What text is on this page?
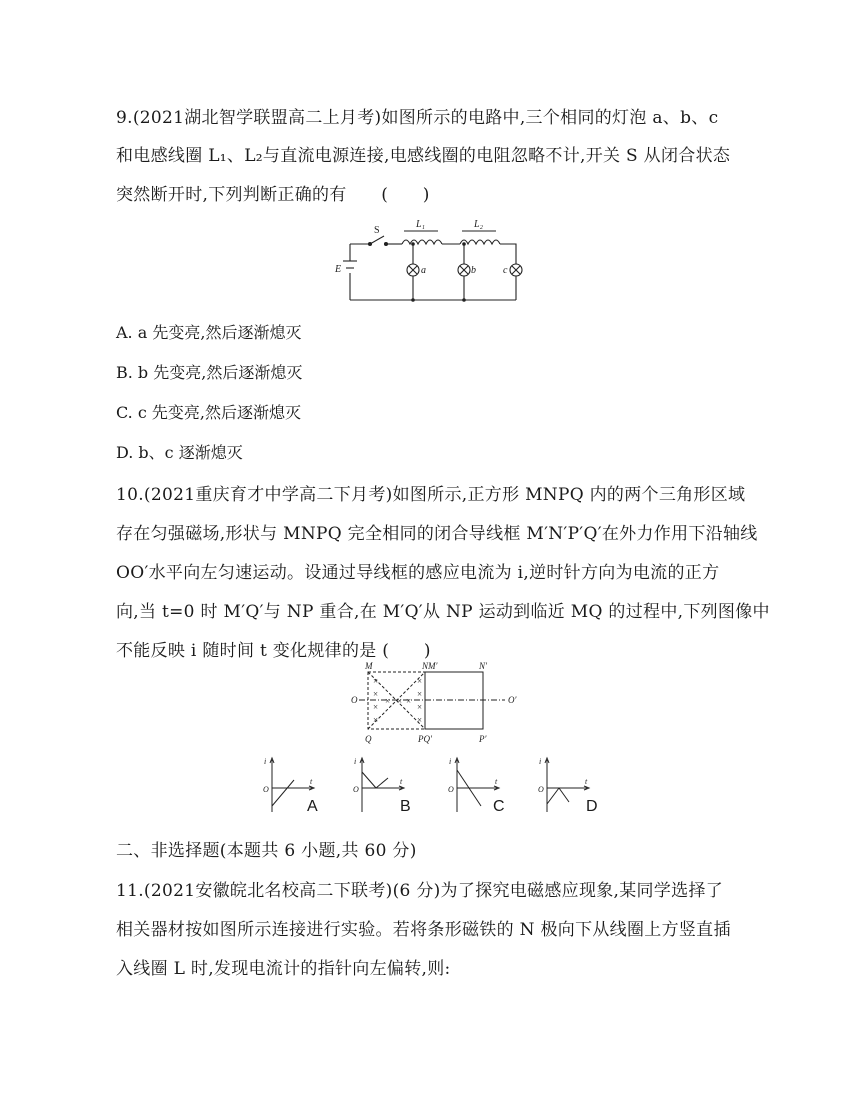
9.(2021湖北智学联盟高二上月考)如图所示的电路中,三个相同的灯泡 a、b、c
和电感线圈 L₁、L₂与直流电源连接,电感线圈的电阻忽略不计,开关 S 从闭合状态
突然断开时,下列判断正确的有　　(　　)
E	a	b	c
L₁	L₂
S
A. a 先变亮,然后逐渐熄灭
B. b 先变亮,然后逐渐熄灭
C. c 先变亮,然后逐渐熄灭
D. b、c 逐渐熄灭
10.(2021重庆育才中学高二下月考)如图所示,正方形 MNPQ 内的两个三角形区域
存在匀强磁场,形状与 MNPQ 完全相同的闭合导线框 M′N′P′Q′在外力作用下沿轴线
OO′水平向左匀速运动。设通过导线框的感应电流为 i,逆时针方向为电流的正方
向,当 t=0 时 M′Q′与 NP 重合,在 M′Q′从 NP 运动到临近 MQ 的过程中,下列图像中
不能反映 i 随时间 t 变化规律的是 (　　)
×
×
×
×
× × ×
×
×
×
×
M	NM′	N′
O	O′
Q	PQ′	P′
i
O
t
A
i
O
t
B
i
O
t
C
i
O
t
D
二、非选择题(本题共 6 小题,共 60 分)
11.(2021安徽皖北名校高二下联考)(6 分)为了探究电磁感应现象,某同学选择了
相关器材按如图所示连接进行实验。若将条形磁铁的 N 极向下从线圈上方竖直插
入线圈 L 时,发现电流计的指针向左偏转,则:
